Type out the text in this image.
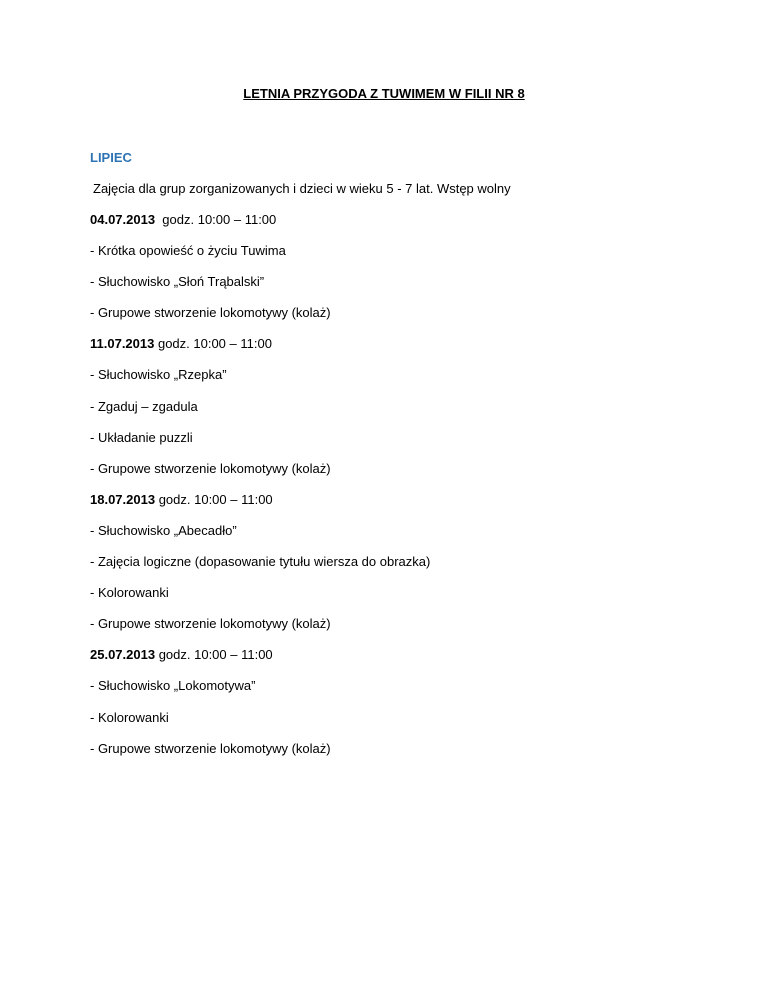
LETNIA PRZYGODA Z TUWIMEM W FILII NR 8
LIPIEC
Zajęcia dla grup zorganizowanych i dzieci w wieku 5 - 7 lat. Wstęp wolny
04.07.2013  godz. 10:00 – 11:00
- Krótka opowieść o życiu Tuwima
- Słuchowisko „Słoń Trąbalski”
- Grupowe stworzenie lokomotywy (kolaż)
11.07.2013 godz. 10:00 – 11:00
- Słuchowisko „Rzepka”
- Zgaduj – zgadula
- Układanie puzzli
- Grupowe stworzenie lokomotywy (kolaż)
18.07.2013 godz. 10:00 – 11:00
- Słuchowisko „Abecadło”
- Zajęcia logiczne (dopasowanie tytułu wiersza do obrazka)
- Kolorowanki
- Grupowe stworzenie lokomotywy (kolaż)
25.07.2013 godz. 10:00 – 11:00
- Słuchowisko „Lokomotywa”
- Kolorowanki
- Grupowe stworzenie lokomotywy (kolaż)
